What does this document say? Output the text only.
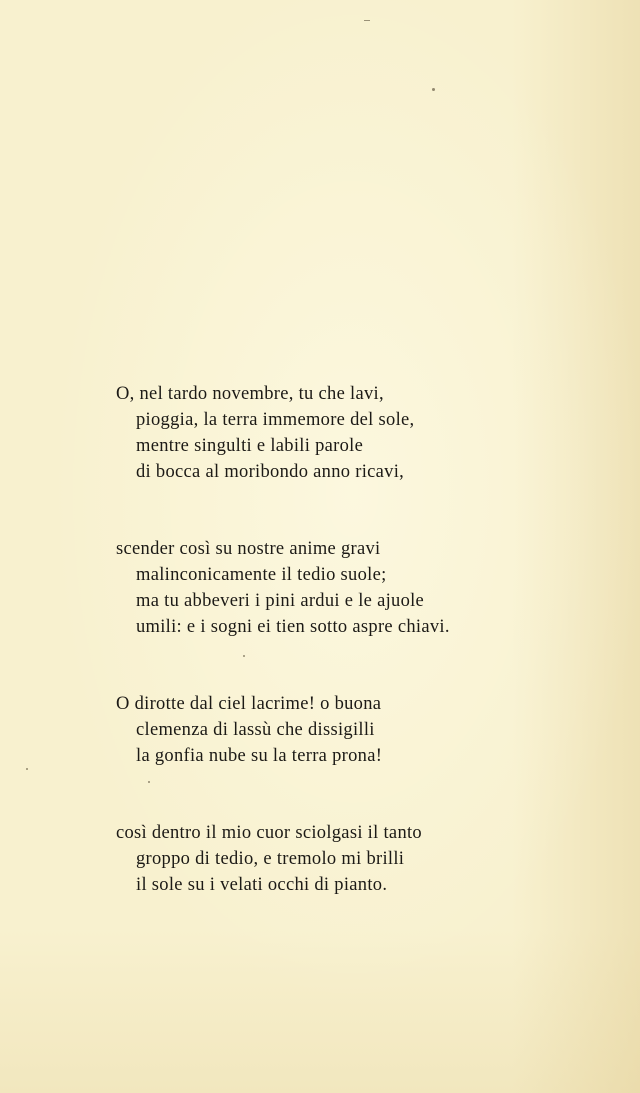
O, nel tardo novembre, tu che lavi,
pioggia, la terra immemore del sole,
mentre singulti e labili parole
di bocca al moribondo anno ricavi,
scender così su nostre anime gravi
malinconicamente il tedio suole;
ma tu abbeveri i pini ardui e le ajuole
umili: e i sogni ei tien sotto aspre chiavi.
O dirotte dal ciel lacrime! o buona
clemenza di lassù che dissigilli
la gonfia nube su la terra prona!
così dentro il mio cuor sciolgasi il tanto
groppo di tedio, e tremolo mi brilli
il sole su i velati occhi di pianto.
